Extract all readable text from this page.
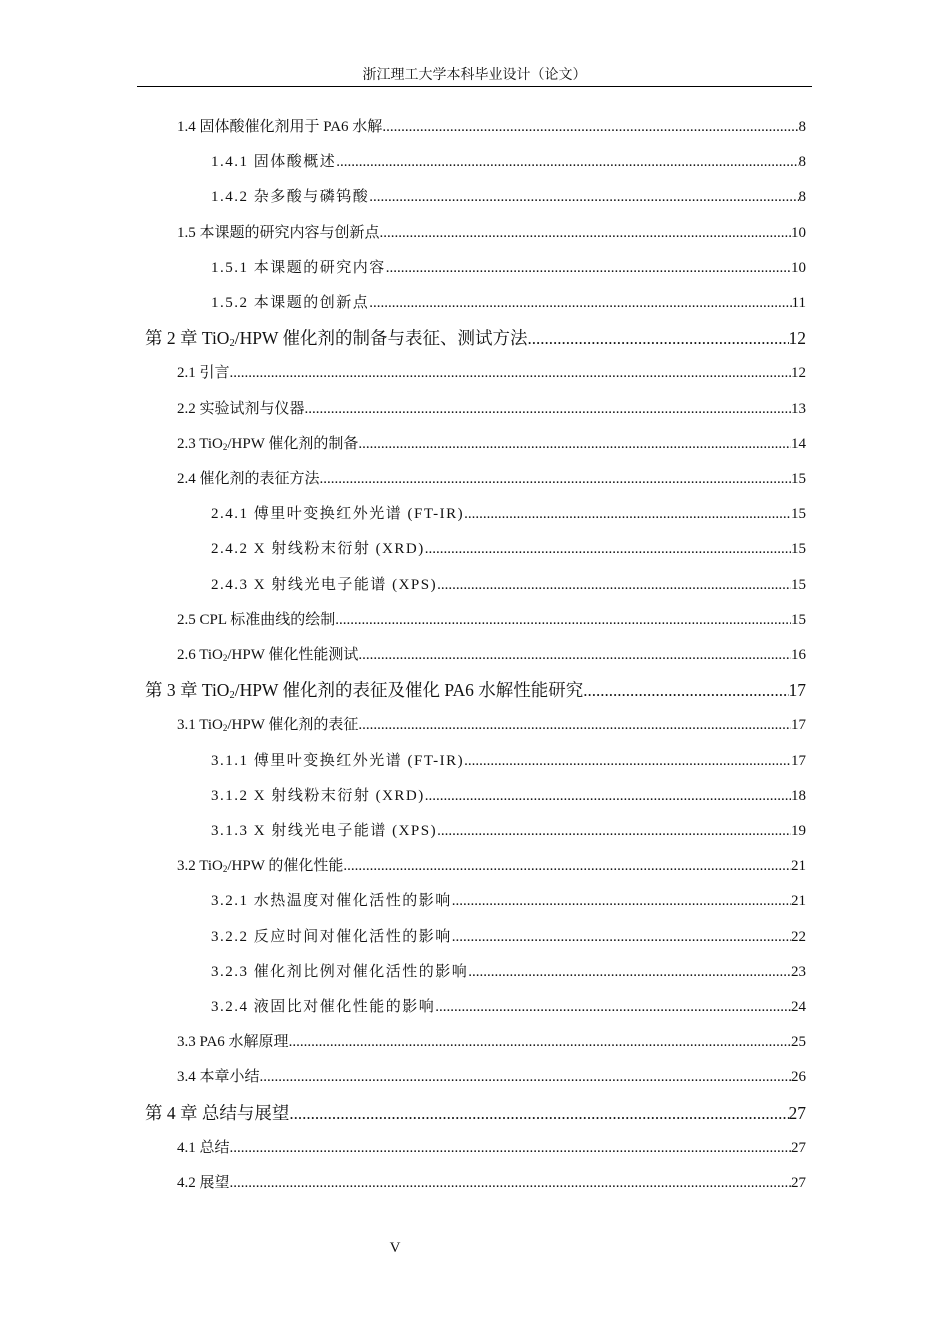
浙江理工大学本科毕业设计（论文）
1.4 固体酸催化剂用于 PA6 水解 .....	8
1.4.1 固体酸概述 .....	8
1.4.2 杂多酸与磷钨酸 .....	8
1.5 本课题的研究内容与创新点 .....	10
1.5.1 本课题的研究内容 .....	10
1.5.2 本课题的创新点 .....	11
第 2 章 TiO$_2$/HPW 催化剂的制备与表征、测试方法 .....	12
2.1 引言 .....	12
2.2 实验试剂与仪器 .....	13
2.3 TiO$_2$/HPW 催化剂的制备 .....	14
2.4 催化剂的表征方法 .....	15
2.4.1 傅里叶变换红外光谱 (FT-IR) .....	15
2.4.2 X 射线粉末衍射 (XRD) .....	15
2.4.3 X 射线光电子能谱 (XPS) .....	15
2.5 CPL 标准曲线的绘制 .....	15
2.6 TiO$_2$/HPW 催化性能测试 .....	16
第 3 章 TiO$_2$/HPW 催化剂的表征及催化 PA6 水解性能研究 .....	17
3.1 TiO$_2$/HPW 催化剂的表征 .....	17
3.1.1 傅里叶变换红外光谱 (FT-IR) .....	17
3.1.2 X 射线粉末衍射 (XRD) .....	18
3.1.3 X 射线光电子能谱 (XPS) .....	19
3.2 TiO$_2$/HPW 的催化性能 .....	21
3.2.1 水热温度对催化活性的影响 .....	21
3.2.2 反应时间对催化活性的影响 .....	22
3.2.3 催化剂比例对催化活性的影响 .....	23
3.2.4 液固比对催化性能的影响 .....	24
3.3 PA6 水解原理 .....	25
3.4 本章小结 .....	26
第 4 章 总结与展望 .....	27
4.1 总结 .....	27
4.2 展望 .....	27
V
